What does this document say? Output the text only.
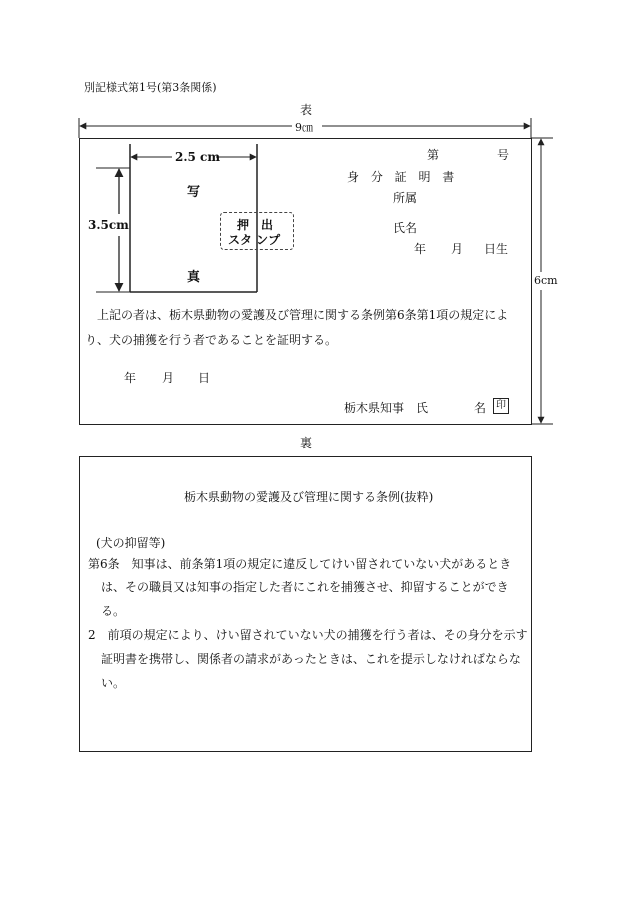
別記様式第1号(第3条関係)
表
9㎝
6cm
2.5 cm
3.5cm
写
真
押　出
スタ ンプ
第	号
身 分 証 明 書
所属
氏名
年 月 日生
上記の者は、栃木県動物の愛護及び管理に関する条例第6条第1項の規定によ
り、犬の捕獲を行う者であることを証明する。
年 月 日
栃木県知事　氏	名 印
裏
栃木県動物の愛護及び管理に関する条例(抜粋)
(犬の抑留等)
第6条　知事は、前条第1項の規定に違反してけい留されていない犬があるとき
は、その職員又は知事の指定した者にこれを捕獲させ、抑留することができ
る。
2　前項の規定により、けい留されていない犬の捕獲を行う者は、その身分を示す
証明書を携帯し、関係者の請求があったときは、これを提示しなければならな
い。
